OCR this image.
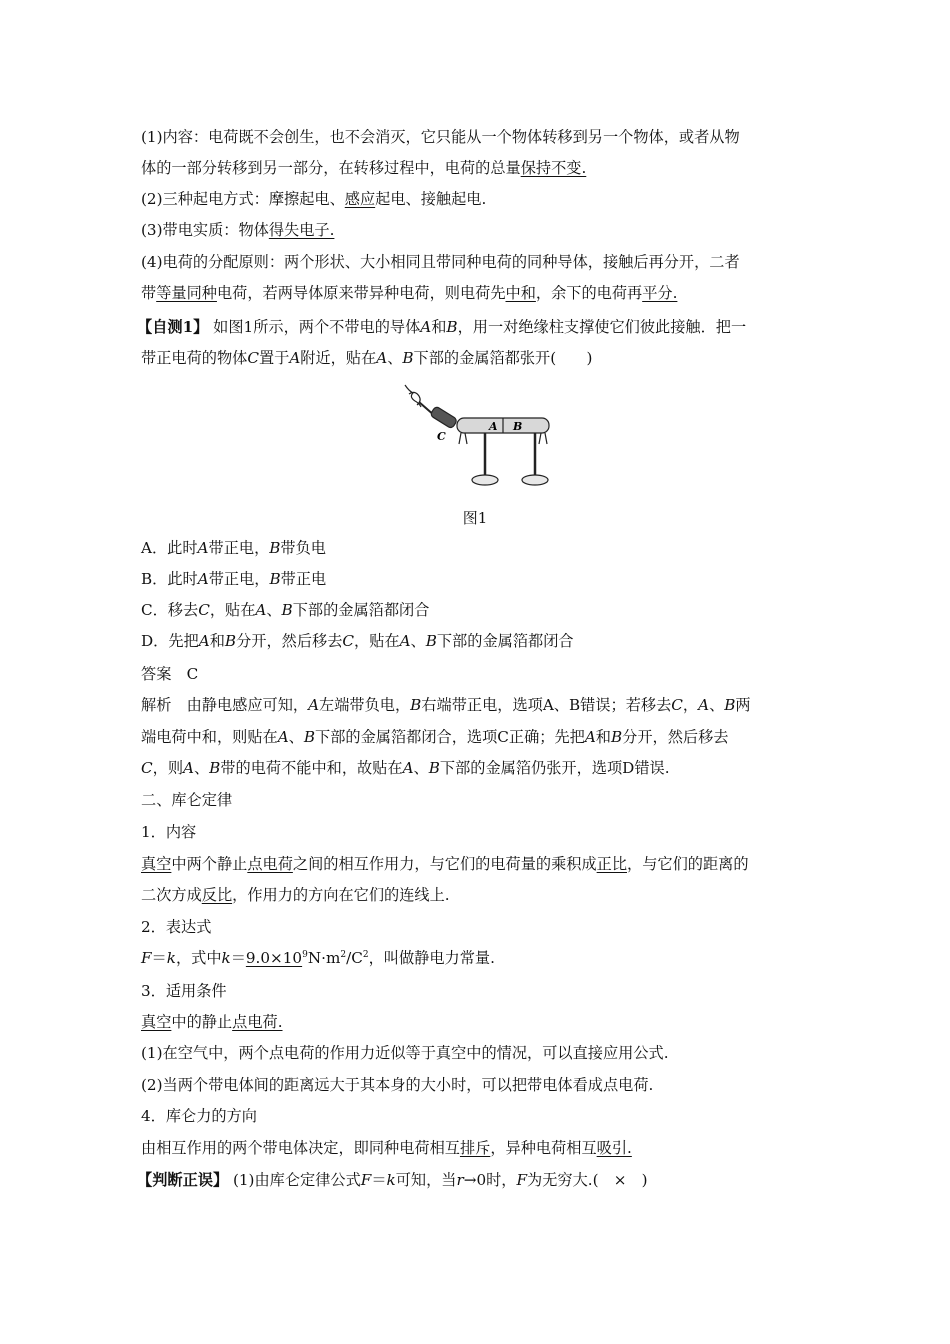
(1)内容：电荷既不会创生，也不会消灭，它只能从一个物体转移到另一个物体，或者从物
体的一部分转移到另一部分，在转移过程中，电荷的总量保持不变.
(2)三种起电方式：摩擦起电、感应起电、接触起电.
(3)带电实质：物体得失电子.
(4)电荷的分配原则：两个形状、大小相同且带同种电荷的同种导体，接触后再分开，二者
带等量同种电荷，若两导体原来带异种电荷，则电荷先中和，余下的电荷再平分.
【自测1】 如图1所示，两个不带电的导体A和B，用一对绝缘柱支撑使它们彼此接触．把一
带正电荷的物体C置于A附近，贴在A、B下部的金属箔都张开(　　)
C
A B
图1
A．此时A带正电，B带负电
B．此时A带正电，B带正电
C．移去C，贴在A、B下部的金属箔都闭合
D．先把A和B分开，然后移去C，贴在A、B下部的金属箔都闭合
答案　C
解析　由静电感应可知，A左端带负电，B右端带正电，选项A、B错误；若移去C，A、B两
端电荷中和，则贴在A、B下部的金属箔都闭合，选项C正确；先把A和B分开，然后移去
C，则A、B带的电荷不能中和，故贴在A、B下部的金属箔仍张开，选项D错误.
二、库仑定律
1．内容
真空中两个静止点电荷之间的相互作用力，与它们的电荷量的乘积成正比，与它们的距离的
二次方成反比，作用力的方向在它们的连线上.
2．表达式
F＝k，式中$k=9.0\times 10^9N\cdot m^2/C^2$，叫做静电力常量.
3．适用条件
真空中的静止点电荷.
(1)在空气中，两个点电荷的作用力近似等于真空中的情况，可以直接应用公式.
(2)当两个带电体间的距离远大于其本身的大小时，可以把带电体看成点电荷.
4．库仑力的方向
由相互作用的两个带电体决定，即同种电荷相互排斥，异种电荷相互吸引.
【判断正误】 (1)由库仑定律公式F＝k可知，当r→0时，F为无穷大.(　×　)
